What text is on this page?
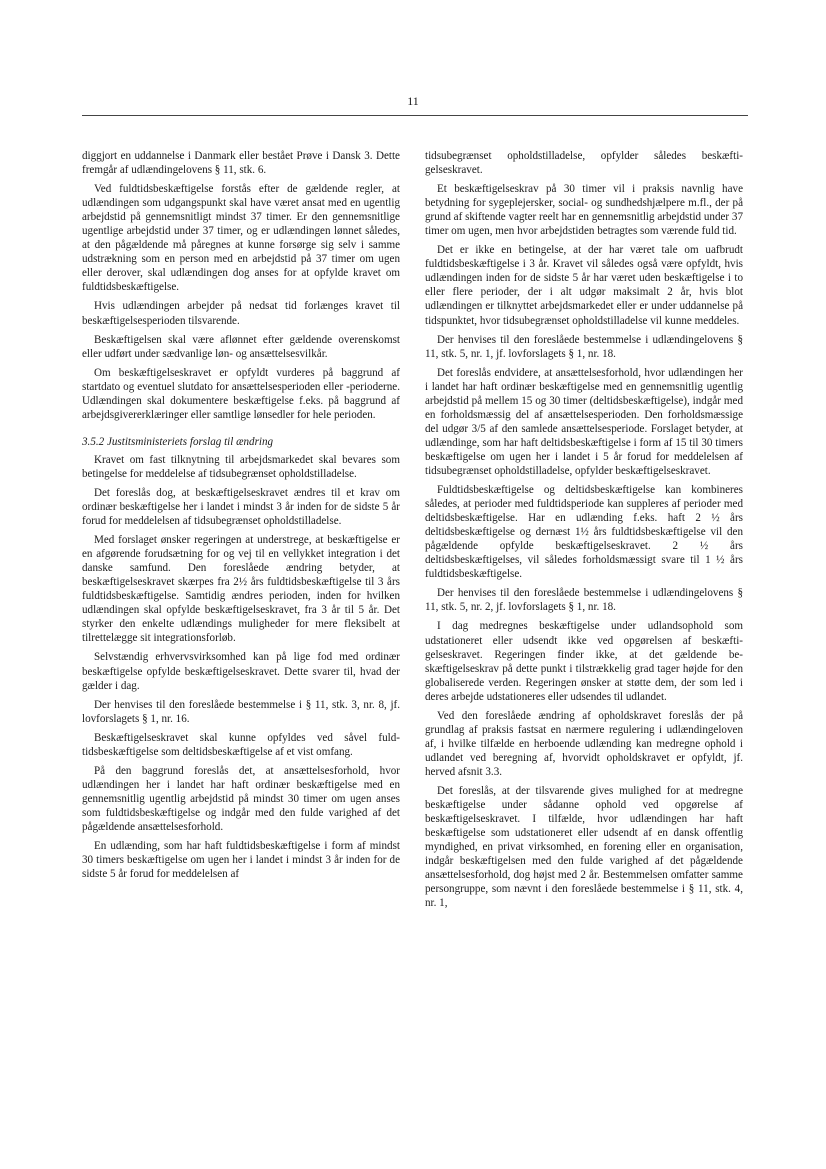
11

diggjort en uddannelse i Danmark eller bestået Prøve i Dansk 3. Dette fremgår af udlændingelovens § 11, stk. 6.

Ved fuldtidsbeskæftigelse forstås efter de gældende regler, at udlændingen som udgangspunkt skal have været ansat med en ugentlig arbejdstid på gennemsnitligt mindst 37 timer. Er den gennemsnitlige ugentlige arbejdstid under 37 timer, og er udlændingen lønnet således, at den pågældende må påregnes at kunne forsørge sig selv i samme udstrækning som en person med en arbejdstid på 37 timer om ugen eller derover, skal udlændingen dog anses for at opfylde kravet om fuldtidsbeskæftigelse.

Hvis udlændingen arbejder på nedsat tid forlænges kravet til beskæftigelsesperioden tilsvarende.

Beskæftigelsen skal være aflønnet efter gældende overenskomst eller udført under sædvanlige løn- og ansættelsesvilkår.

Om beskæftigelseskravet er opfyldt vurderes på baggrund af startdato og eventuel slutdato for ansættelsesperioden eller -perioderne. Udlændingen skal dokumentere beskæftigelse f.eks. på baggrund af arbejdsgivererklæringer eller samtlige lønsedler for hele perioden.

3.5.2 Justitsministeriets forslag til ændring

Kravet om fast tilknytning til arbejdsmarkedet skal bevares som betingelse for meddelelse af tidsubegrænset opholdstilladelse.

Det foreslås dog, at beskæftigelseskravet ændres til et krav om ordinær beskæftigelse her i landet i mindst 3 år inden for de sidste 5 år forud for meddelelsen af tidsubegrænset opholdstilladelse.

Med forslaget ønsker regeringen at understrege, at beskæftigelse er en afgørende forudsætning for og vej til en vellykket integration i det danske samfund. Den foreslåede ændring betyder, at beskæftigelseskravet skærpes fra 2½ års fuldtidsbeskæftigelse til 3 års fuldtidsbeskæftigelse. Samtidig ændres perioden, inden for hvilken udlændingen skal opfylde beskæftigelseskravet, fra 3 år til 5 år. Det styrker den enkelte udlændings muligheder for mere fleksibelt at tilrettelægge sit integrationsforløb.

Selvstændig erhvervsvirksomhed kan på lige fod med ordinær beskæftigelse opfylde beskæftigelseskravet. Dette svarer til, hvad der gælder i dag.

Der henvises til den foreslåede bestemmelse i § 11, stk. 3, nr. 8, jf. lovforslagets § 1, nr. 16.

Beskæftigelseskravet skal kunne opfyldes ved såvel fuldtidsbeskæftigelse som deltidsbeskæftigelse af et vist omfang.

På den baggrund foreslås det, at ansættelsesforhold, hvor udlændingen her i landet har haft ordinær beskæftigelse med en gennemsnitlig ugentlig arbejdstid på mindst 30 timer om ugen anses som fuldtidsbeskæftigelse og indgår med den fulde varighed af det pågældende ansættelsesforhold.

En udlænding, som har haft fuldtidsbeskæftigelse i form af mindst 30 timers beskæftigelse om ugen her i landet i mindst 3 år inden for de sidste 5 år forud for meddelelsen af

tidsubegrænset opholdstilladelse, opfylder således beskæftigelseskravet.

Et beskæftigelseskrav på 30 timer vil i praksis navnlig have betydning for sygeplejersker, social- og sundhedshjælpere m.fl., der på grund af skiftende vagter reelt har en gennemsnitlig arbejdstid under 37 timer om ugen, men hvor arbejdstiden betragtes som værende fuld tid.

Det er ikke en betingelse, at der har været tale om uafbrudt fuldtidsbeskæftigelse i 3 år. Kravet vil således også være opfyldt, hvis udlændingen inden for de sidste 5 år har været uden beskæftigelse i to eller flere perioder, der i alt udgør maksimalt 2 år, hvis blot udlændingen er tilknyttet arbejdsmarkedet eller er under uddannelse på tidspunktet, hvor tidsubegrænset opholdstilladelse vil kunne meddeles.

Der henvises til den foreslåede bestemmelse i udlændingelovens § 11, stk. 5, nr. 1, jf. lovforslagets § 1, nr. 18.

Det foreslås endvidere, at ansættelsesforhold, hvor udlændingen her i landet har haft ordinær beskæftigelse med en gennemsnitlig ugentlig arbejdstid på mellem 15 og 30 timer (deltidsbeskæftigelse), indgår med en forholdsmæssig del af ansættelsesperioden. Den forholdsmæssige del udgør 3/5 af den samlede ansættelsesperiode. Forslaget betyder, at udlændinge, som har haft deltidsbeskæftigelse i form af 15 til 30 timers beskæftigelse om ugen her i landet i 5 år forud for meddelelsen af tidsubegrænset opholdstilladelse, opfylder beskæftigelseskravet.

Fuldtidsbeskæftigelse og deltidsbeskæftigelse kan kombineres således, at perioder med fuldtidsperiode kan suppleres af perioder med deltidsbeskæftigelse. Har en udlænding f.eks. haft 2 ½ års deltidsbeskæftigelse og dernæst 1½ års fuldtidsbeskæftigelse vil den pågældende opfylde beskæftigelseskravet. 2 ½ års deltidsbeskæftigelses, vil således forholdsmæssigt svare til 1 ½ års fuldtidsbeskæftigelse.

Der henvises til den foreslåede bestemmelse i udlændingelovens § 11, stk. 5, nr. 2, jf. lovforslagets § 1, nr. 18.

I dag medregnes beskæftigelse under udlandsophold som udstationeret eller udsendt ikke ved opgørelsen af beskæftigelseskravet. Regeringen finder ikke, at det gældende beskæftigelseskrav på dette punkt i tilstrækkelig grad tager højde for den globaliserede verden. Regeringen ønsker at støtte dem, der som led i deres arbejde udstationeres eller udsendes til udlandet.

Ved den foreslåede ændring af opholdskravet foreslås der på grundlag af praksis fastsat en nærmere regulering i udlændingeloven af, i hvilke tilfælde en herboende udlænding kan medregne ophold i udlandet ved beregning af, hvorvidt opholdskravet er opfyldt, jf. herved afsnit 3.3.

Det foreslås, at der tilsvarende gives mulighed for at medregne beskæftigelse under sådanne ophold ved opgørelse af beskæftigelseskravet. I tilfælde, hvor udlændingen har haft beskæftigelse som udstationeret eller udsendt af en dansk offentlig myndighed, en privat virksomhed, en forening eller en organisation, indgår beskæftigelsen med den fulde varighed af det pågældende ansættelsesforhold, dog højst med 2 år. Bestemmelsen omfatter samme persongruppe, som nævnt i den foreslåede bestemmelse i § 11, stk. 4, nr. 1,
